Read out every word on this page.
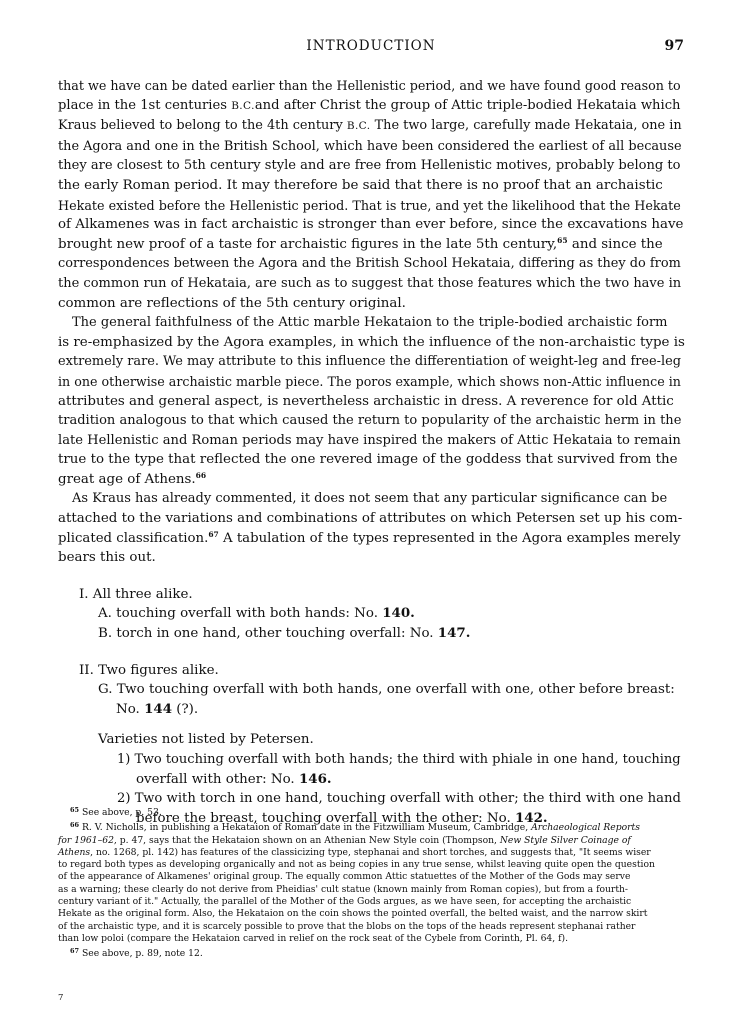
INTRODUCTION	97
that we have can be dated earlier than the Hellenistic period, and we have found good reason to
place in the 1st centuries B.C.and after Christ the group of Attic triple-bodied Hekataia which
Kraus believed to belong to the 4th century B.C. The two large, carefully made Hekataia, one in
the Agora and one in the British School, which have been considered the earliest of all because
they are closest to 5th century style and are free from Hellenistic motives, probably belong to
the early Roman period. It may therefore be said that there is no proof that an archaistic
Hekate existed before the Hellenistic period. That is true, and yet the likelihood that the Hekate
of Alkamenes was in fact archaistic is stronger than ever before, since the excavations have
brought new proof of a taste for archaistic figures in the late 5th century,$^{65}$ and since the
correspondences between the Agora and the British School Hekataia, differing as they do from
the common run of Hekataia, are such as to suggest that those features which the two have in
common are reflections of the 5th century original.
The general faithfulness of the Attic marble Hekataion to the triple-bodied archaistic form
is re-emphasized by the Agora examples, in which the influence of the non-archaistic type is
extremely rare. We may attribute to this influence the differentiation of weight-leg and free-leg
in one otherwise archaistic marble piece. The poros example, which shows non-Attic influence in
attributes and general aspect, is nevertheless archaistic in dress. A reverence for old Attic
tradition analogous to that which caused the return to popularity of the archaistic herm in the
late Hellenistic and Roman periods may have inspired the makers of Attic Hekataia to remain
true to the type that reflected the one revered image of the goddess that survived from the
great age of Athens.$^{66}$
As Kraus has already commented, it does not seem that any particular significance can be
attached to the variations and combinations of attributes on which Petersen set up his com-
plicated classification.$^{67}$ A tabulation of the types represented in the Agora examples merely
bears this out.
I. All three alike.
A. touching overfall with both hands: No. 140.
B. torch in one hand, other touching overfall: No. 147.
II. Two figures alike.
G. Two touching overfall with both hands, one overfall with one, other before breast:
No. 144 (?).
Varieties not listed by Petersen.
1) Two touching overfall with both hands; the third with phiale in one hand, touching
overfall with other: No. 146.
2) Two with torch in one hand, touching overfall with other; the third with one hand
before the breast, touching overfall with the other: No. 142.
$^{65}$ See above, p. 53.
$^{66}$ R. V. Nicholls, in publishing a Hekataion of Roman date in the Fitzwilliam Museum, Cambridge, Archaeological Reports
for 1961–62, p. 47, says that the Hekataion shown on an Athenian New Style coin (Thompson, New Style Silver Coinage of
Athens, no. 1268, pl. 142) has features of the classicizing type, stephanai and short torches, and suggests that, "It seems wiser
to regard both types as developing organically and not as being copies in any true sense, whilst leaving quite open the question
of the appearance of Alkamenes' original group. The equally common Attic statuettes of the Mother of the Gods may serve
as a warning; these clearly do not derive from Pheidias' cult statue (known mainly from Roman copies), but from a fourth-
century variant of it." Actually, the parallel of the Mother of the Gods argues, as we have seen, for accepting the archaistic
Hekate as the original form. Also, the Hekataion on the coin shows the pointed overfall, the belted waist, and the narrow skirt
of the archaistic type, and it is scarcely possible to prove that the blobs on the tops of the heads represent stephanai rather
than low poloi (compare the Hekataion carved in relief on the rock seat of the Cybele from Corinth, Pl. 64, f).
$^{67}$ See above, p. 89, note 12.
7
